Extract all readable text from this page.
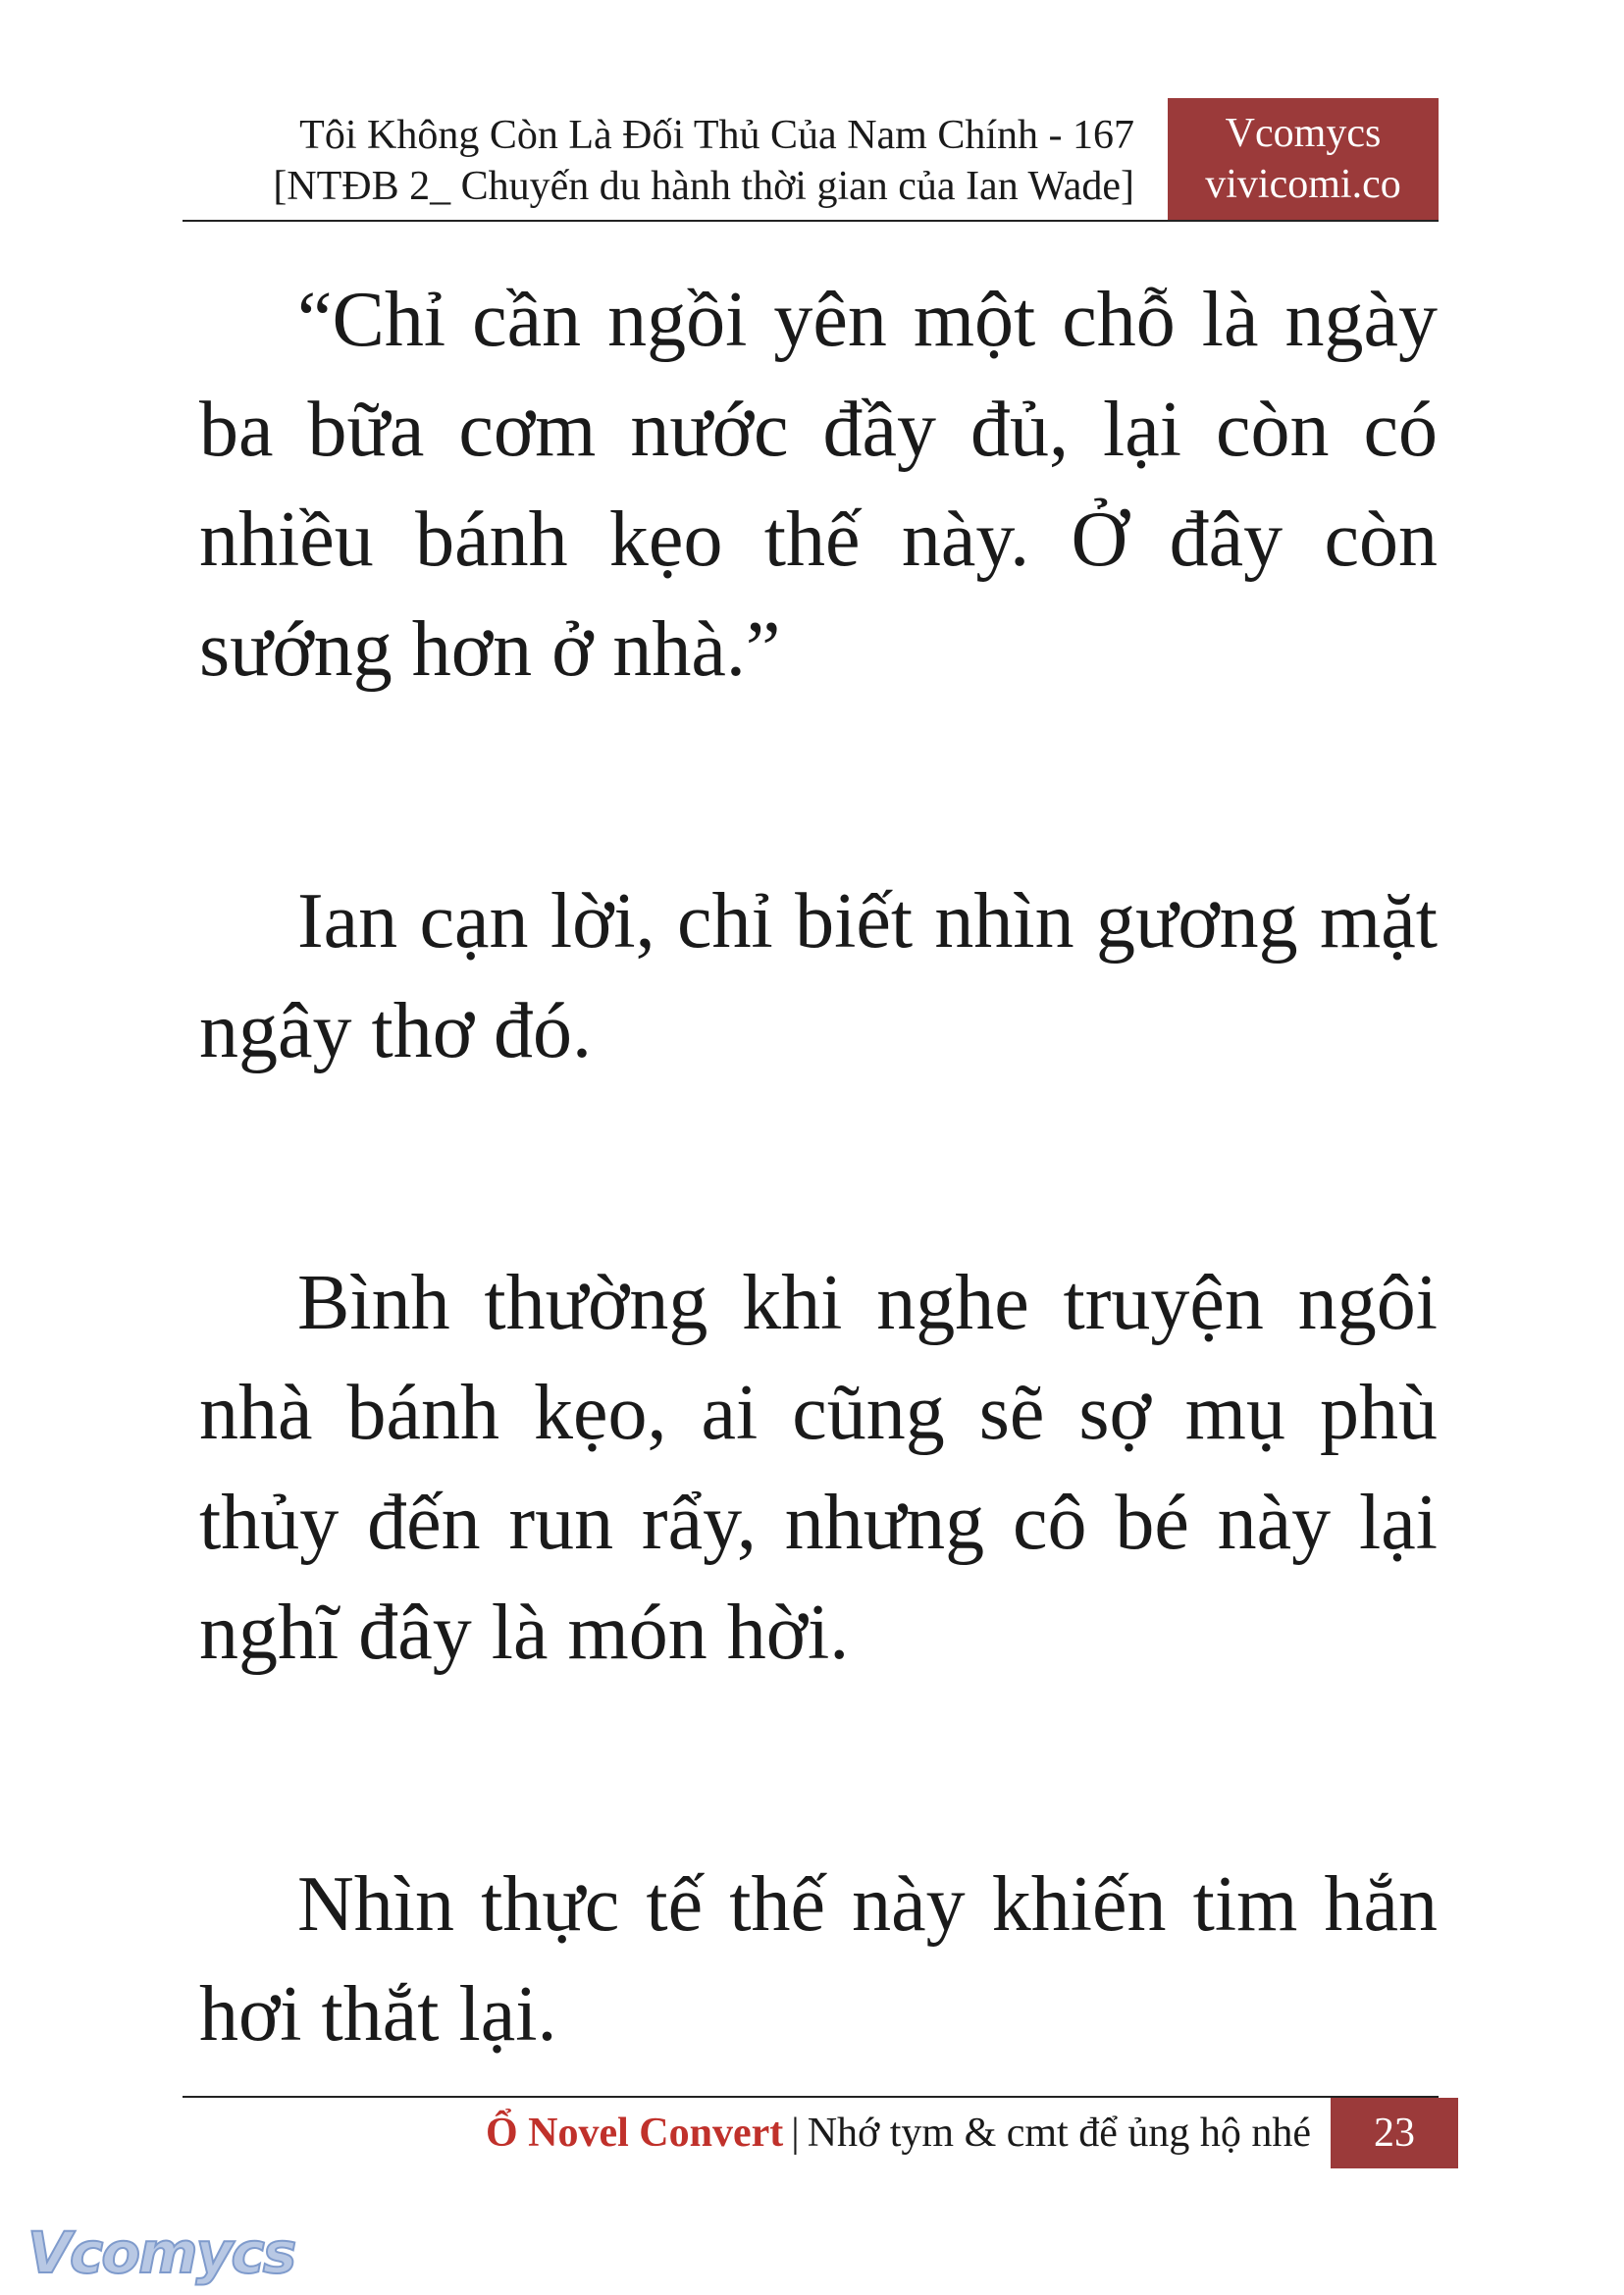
Tôi Không Còn Là Đối Thủ Của Nam Chính - 167
[NTĐB 2_ Chuyến du hành thời gian của Ian Wade]
Vcomycs
vivicomi.co

“Chỉ cần ngồi yên một chỗ là ngày ba bữa cơm nước đầy đủ, lại còn có nhiều bánh kẹo thế này. Ở đây còn sướng hơn ở nhà.”

Ian cạn lời, chỉ biết nhìn gương mặt ngây thơ đó.

Bình thường khi nghe truyện ngôi nhà bánh kẹo, ai cũng sẽ sợ mụ phù thủy đến run rẩy, nhưng cô bé này lại nghĩ đây là món hời.

Nhìn thực tế thế này khiến tim hắn hơi thắt lại.

Ổ Novel Convert | Nhớ tym & cmt để ủng hộ nhé	23
Vcomycs
